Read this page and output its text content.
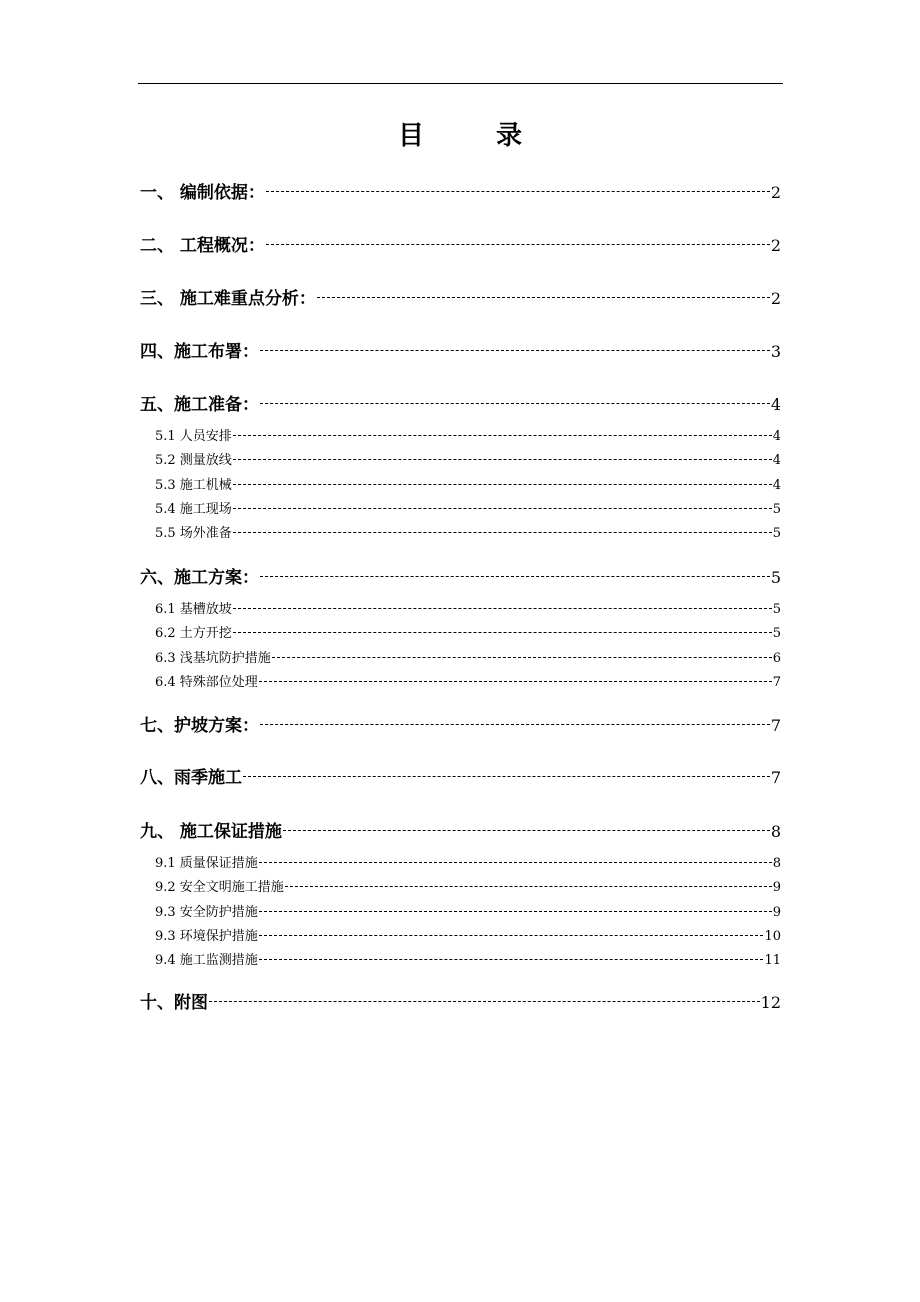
目	录
一、 编制依据：	2
二、 工程概况：	2
三、 施工难重点分析：	2
四、施工布署：	3
五、施工准备：	4
5.1 人员安排	4
5.2 测量放线	4
5.3 施工机械	4
5.4 施工现场	5
5.5 场外准备	5
六、施工方案：	5
6.1 基槽放坡	5
6.2 土方开挖	5
6.3 浅基坑防护措施	6
6.4 特殊部位处理	7
七、护坡方案：	7
八、雨季施工	7
九、 施工保证措施	8
9.1 质量保证措施	8
9.2 安全文明施工措施	9
9.3 安全防护措施	9
9.3 环境保护措施	10
9.4 施工监测措施	11
十、附图	12
